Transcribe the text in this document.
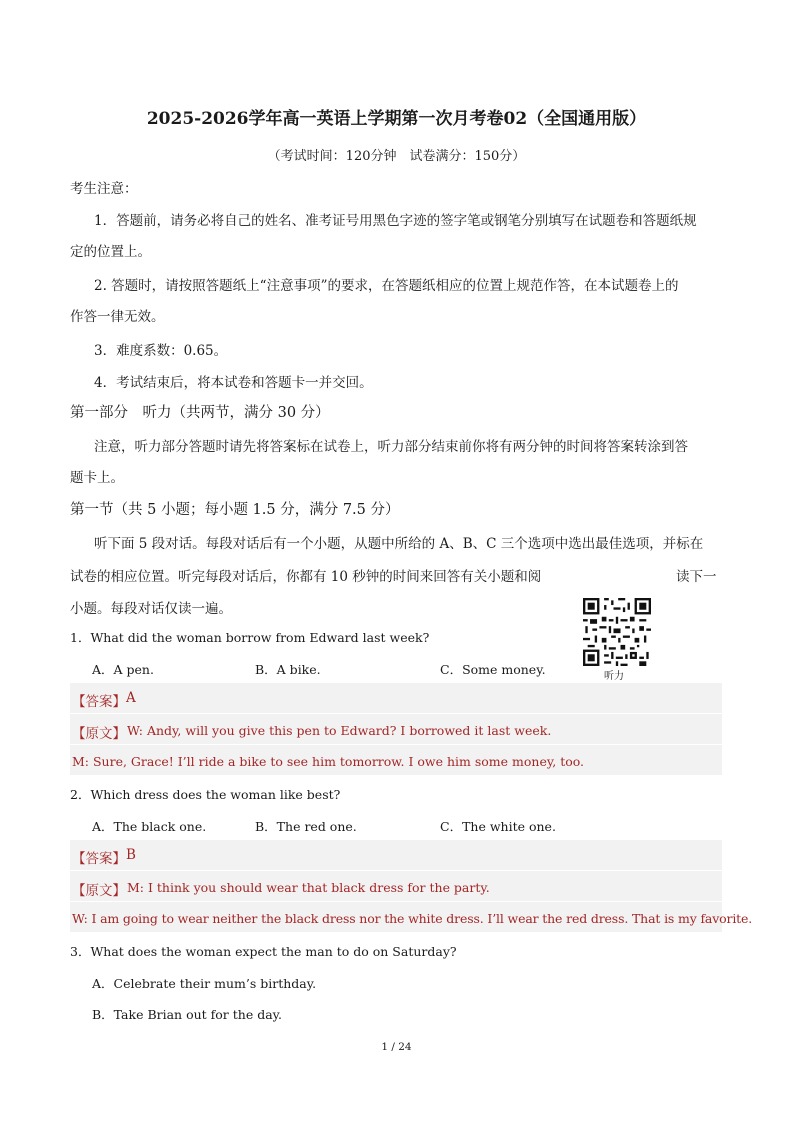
2025-2026学年高一英语上学期第一次月考卷02（全国通用版）
（考试时间：120分钟　试卷满分：150分）
考生注意：
1．答题前，请务必将自己的姓名、准考证号用黑色字迹的签字笔或钢笔分别填写在试题卷和答题纸规
定的位置上。
2. 答题时，请按照答题纸上“注意事项”的要求，在答题纸相应的位置上规范作答，在本试题卷上的
作答一律无效。
3．难度系数：0.65。
4．考试结束后，将本试卷和答题卡一并交回。
第一部分　听力（共两节，满分 30 分）
注意，听力部分答题时请先将答案标在试卷上，听力部分结束前你将有两分钟的时间将答案转涂到答
题卡上。
第一节（共 5 小题；每小题 1.5 分，满分 7.5 分）
听下面 5 段对话。每段对话后有一个小题，从题中所给的 A、B、C 三个选项中选出最佳选项，并标在
试卷的相应位置。听完每段对话后，你都有 10 秒钟的时间来回答有关小题和阅	读下一
小题。每段对话仅读一遍。
听力
1．What did the woman borrow from Edward last week?
A．A pen.	B．A bike.	C．Some money.
【答案】 A
【原文】 W: Andy, will you give this pen to Edward? I borrowed it last week.
M: Sure, Grace! I’ll ride a bike to see him tomorrow. I owe him some money, too.
2．Which dress does the woman like best?
A．The black one.	B．The red one.	C．The white one.
【答案】 B
【原文】 M: I think you should wear that black dress for the party.
W: I am going to wear neither the black dress nor the white dress. I’ll wear the red dress. That is my favorite.
3．What does the woman expect the man to do on Saturday?
A．Celebrate their mum’s birthday.
B．Take Brian out for the day.
1 / 24
